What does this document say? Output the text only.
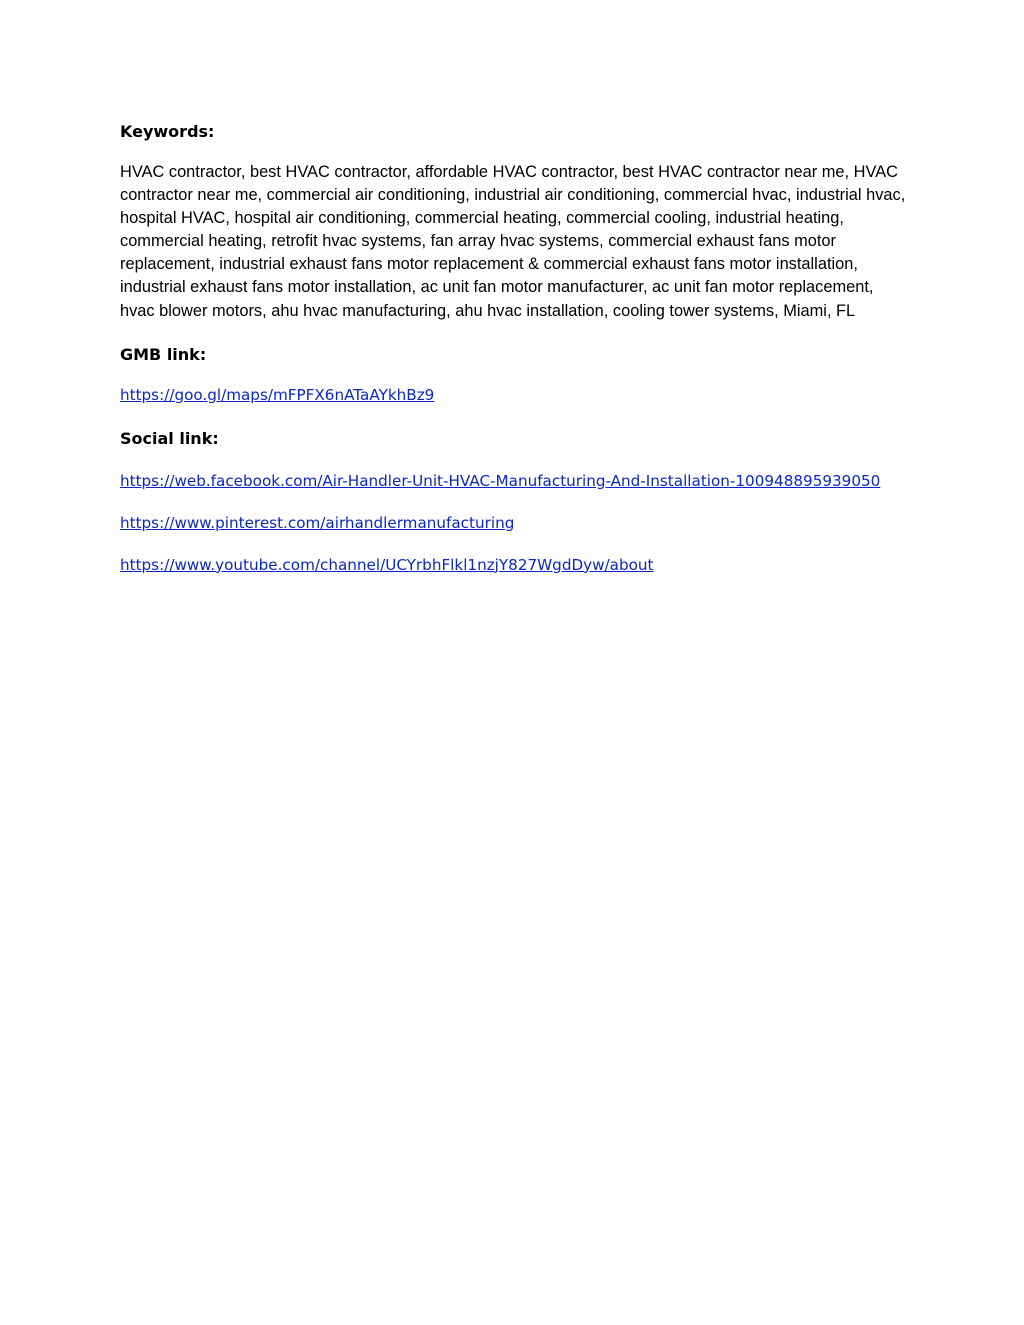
Keywords:

HVAC contractor, best HVAC contractor, affordable HVAC contractor, best HVAC contractor near me, HVAC contractor near me, commercial air conditioning, industrial air conditioning, commercial hvac, industrial hvac, hospital HVAC, hospital air conditioning, commercial heating, commercial cooling, industrial heating, commercial heating, retrofit hvac systems, fan array hvac systems, commercial exhaust fans motor replacement, industrial exhaust fans motor replacement & commercial exhaust fans motor installation, industrial exhaust fans motor installation, ac unit fan motor manufacturer, ac unit fan motor replacement, hvac blower motors, ahu hvac manufacturing, ahu hvac installation, cooling tower systems, Miami, FL

GMB link:

https://goo.gl/maps/mFPFX6nATaAYkhBz9

Social link:

https://web.facebook.com/Air-Handler-Unit-HVAC-Manufacturing-And-Installation-100948895939050

https://www.pinterest.com/airhandlermanufacturing

https://www.youtube.com/channel/UCYrbhFlkl1nzjY827WgdDyw/about
